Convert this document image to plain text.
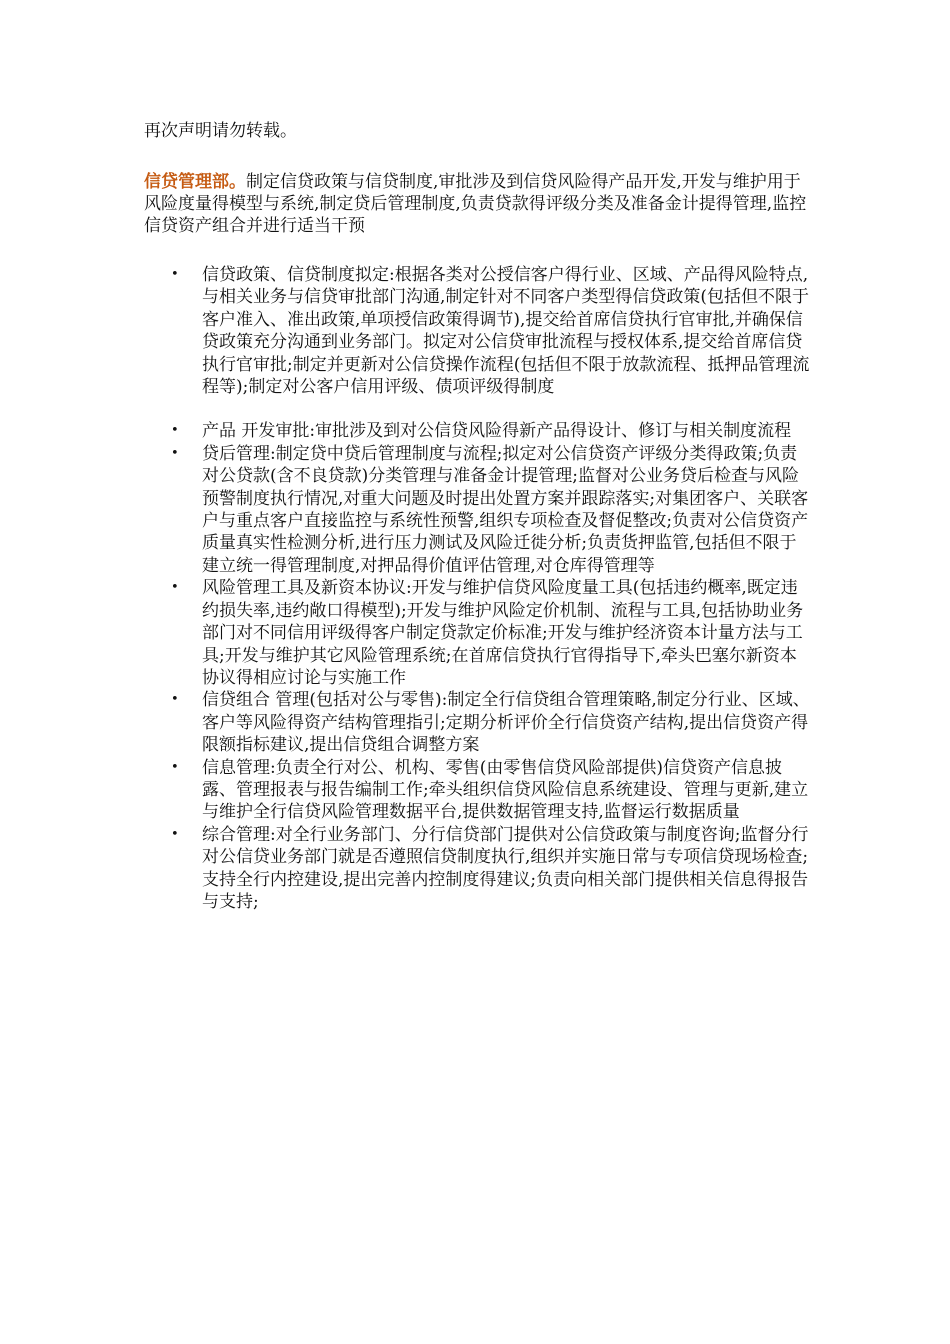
再次声明请勿转载。

信贷管理部。制定信贷政策与信贷制度,审批涉及到信贷风险得产品开发,开发与维护用于风险度量得模型与系统,制定贷后管理制度,负责贷款得评级分类及准备金计提得管理,监控信贷资产组合并进行适当干预

• 信贷政策、信贷制度拟定:根据各类对公授信客户得行业、区域、产品得风险特点,与相关业务与信贷审批部门沟通,制定针对不同客户类型得信贷政策(包括但不限于客户准入、准出政策,单项授信政策得调节),提交给首席信贷执行官审批,并确保信贷政策充分沟通到业务部门。拟定对公信贷审批流程与授权体系,提交给首席信贷执行官审批;制定并更新对公信贷操作流程(包括但不限于放款流程、抵押品管理流程等);制定对公客户信用评级、债项评级得制度
• 产品 开发审批:审批涉及到对公信贷风险得新产品得设计、修订与相关制度流程
• 贷后管理:制定贷中贷后管理制度与流程;拟定对公信贷资产评级分类得政策;负责对公贷款(含不良贷款)分类管理与准备金计提管理;监督对公业务贷后检查与风险预警制度执行情况,对重大问题及时提出处置方案并跟踪落实;对集团客户、关联客户与重点客户直接监控与系统性预警,组织专项检查及督促整改;负责对公信贷资产质量真实性检测分析,进行压力测试及风险迁徙分析;负责货押监管,包括但不限于建立统一得管理制度,对押品得价值评估管理,对仓库得管理等
• 风险管理工具及新资本协议:开发与维护信贷风险度量工具(包括违约概率,既定违约损失率,违约敞口得模型);开发与维护风险定价机制、流程与工具,包括协助业务部门对不同信用评级得客户制定贷款定价标准;开发与维护经济资本计量方法与工具;开发与维护其它风险管理系统;在首席信贷执行官得指导下,牵头巴塞尔新资本协议得相应讨论与实施工作
• 信贷组合 管理(包括对公与零售):制定全行信贷组合管理策略,制定分行业、区域、客户等风险得资产结构管理指引;定期分析评价全行信贷资产结构,提出信贷资产得限额指标建议,提出信贷组合调整方案
• 信息管理:负责全行对公、机构、零售(由零售信贷风险部提供)信贷资产信息披露、管理报表与报告编制工作;牵头组织信贷风险信息系统建设、管理与更新,建立与维护全行信贷风险管理数据平台,提供数据管理支持,监督运行数据质量
• 综合管理:对全行业务部门、分行信贷部门提供对公信贷政策与制度咨询;监督分行对公信贷业务部门就是否遵照信贷制度执行,组织并实施日常与专项信贷现场检查;支持全行内控建设,提出完善内控制度得建议;负责向相关部门提供相关信息得报告与支持;
